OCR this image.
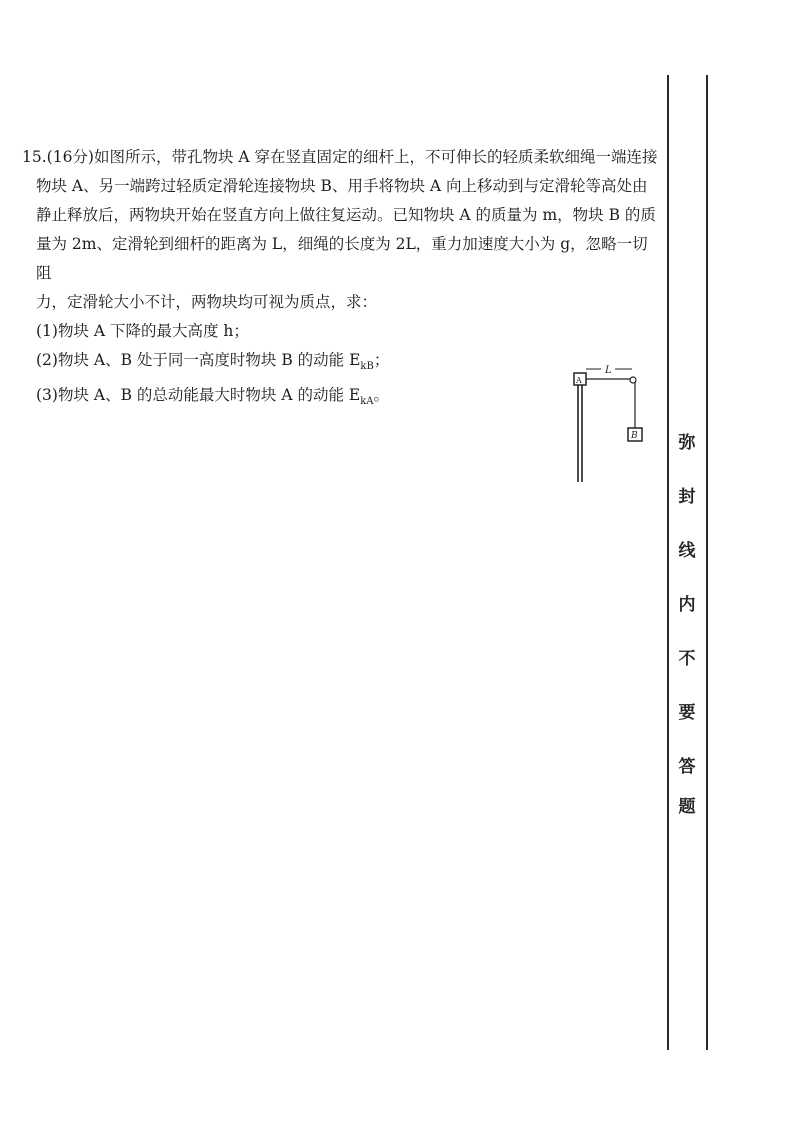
15.(16分)如图所示，带孔物块 A 穿在竖直固定的细杆上，不可伸长的轻质柔软细绳一端连接

物块 A、另一端跨过轻质定滑轮连接物块 B、用手将物块 A 向上移动到与定滑轮等高处由

静止释放后，两物块开始在竖直方向上做往复运动。已知物块 A 的质量为 m，物块 B 的质

量为 2m、定滑轮到细杆的距离为 L，细绳的长度为 2L，重力加速度大小为 g，忽略一切阻

力，定滑轮大小不计，两物块均可视为质点，求：

(1)物块 A 下降的最大高度 h；

(2)物块 A、B 处于同一高度时物块 B 的动能 $E_{kB}$；

(3)物块 A、B 的总动能最大时物块 A 的动能 $E_{kA}$。

A
L
B 弥
封
线
内
不
要
答
题
